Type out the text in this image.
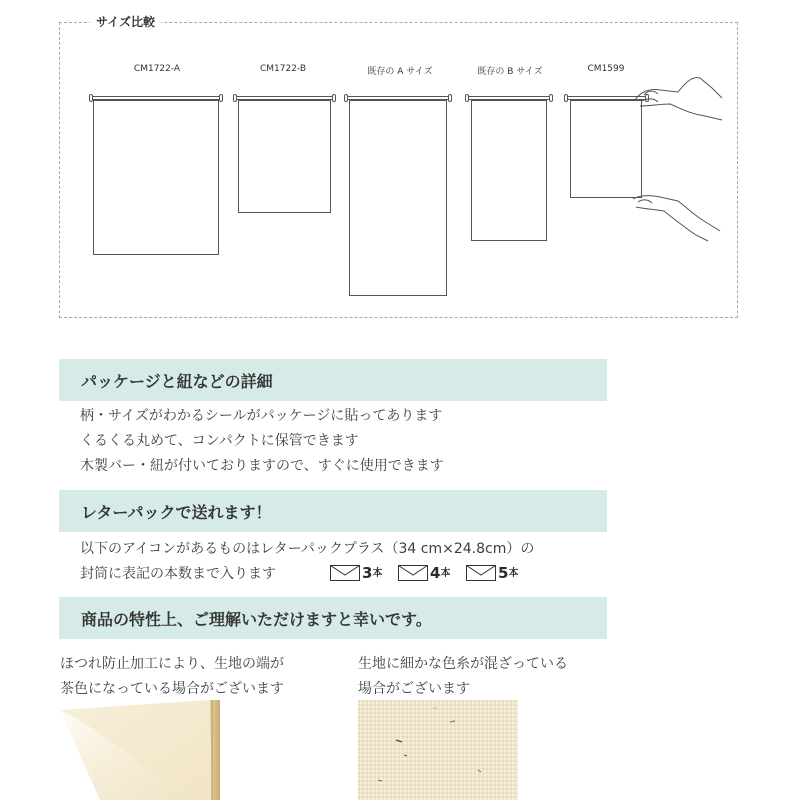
サイズ比較
CM1722-A	CM1722-B	既存の A サイズ	既存の B サイズ	CM1599
パッケージと紐などの詳細
柄・サイズがわかるシールがパッケージに貼ってあります
くるくる丸めて、コンパクトに保管できます
木製バー・紐が付いておりますので、すぐに使用できます
レターパックで送れます！
以下のアイコンがあるものはレターパックプラス（34 cm×24.8cm）の
封筒に表記の本数まで入ります	3 本	4 本	5 本
商品の特性上、ご理解いただけますと幸いです。
ほつれ防止加工により、生地の端が
茶色になっている場合がございます
生地に細かな色糸が混ざっている
場合がございます
